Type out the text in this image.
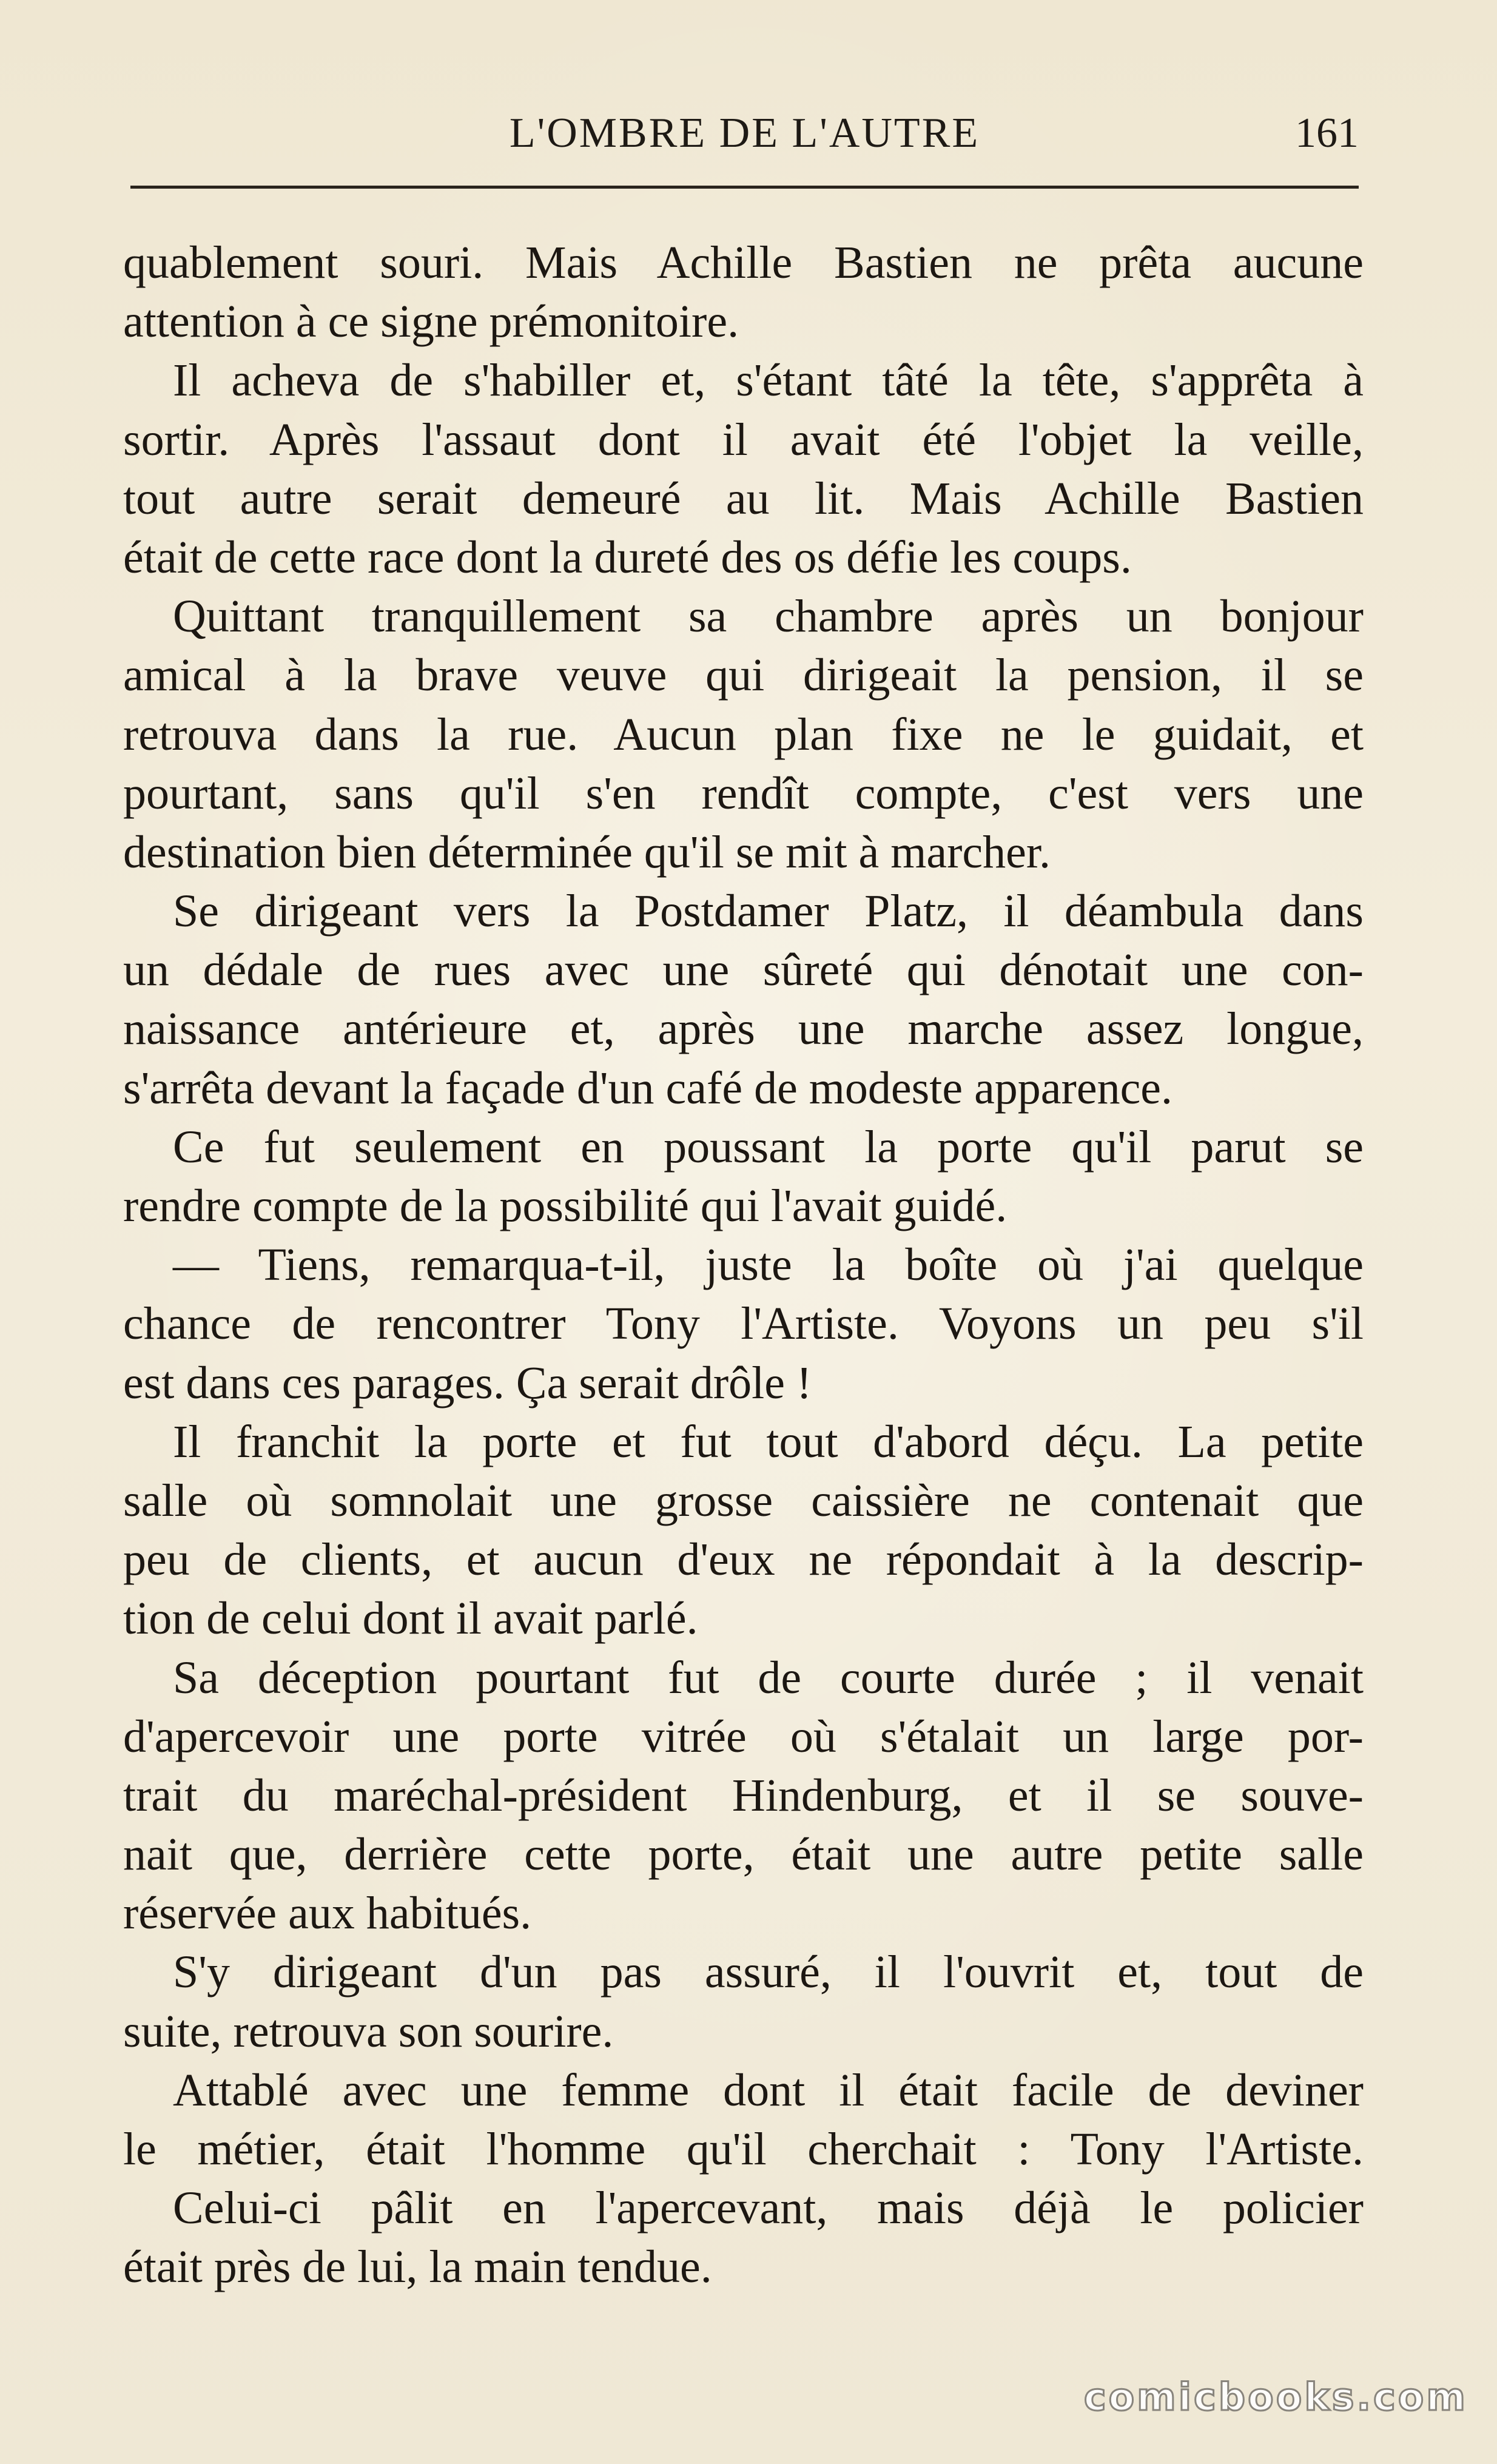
L'OMBRE DE L'AUTRE	161
quablement souri. Mais Achille Bastien ne prêta aucune
attention à ce signe prémonitoire.
Il acheva de s'habiller et, s'étant tâté la tête, s'apprêta à
sortir. Après l'assaut dont il avait été l'objet la veille,
tout autre serait demeuré au lit. Mais Achille Bastien
était de cette race dont la dureté des os défie les coups.
Quittant tranquillement sa chambre après un bonjour
amical à la brave veuve qui dirigeait la pension, il se
retrouva dans la rue. Aucun plan fixe ne le guidait, et
pourtant, sans qu'il s'en rendît compte, c'est vers une
destination bien déterminée qu'il se mit à marcher.
Se dirigeant vers la Postdamer Platz, il déambula dans
un dédale de rues avec une sûreté qui dénotait une con-
naissance antérieure et, après une marche assez longue,
s'arrêta devant la façade d'un café de modeste apparence.
Ce fut seulement en poussant la porte qu'il parut se
rendre compte de la possibilité qui l'avait guidé.
— Tiens, remarqua-t-il, juste la boîte où j'ai quelque
chance de rencontrer Tony l'Artiste. Voyons un peu s'il
est dans ces parages. Ça serait drôle !
Il franchit la porte et fut tout d'abord déçu. La petite
salle où somnolait une grosse caissière ne contenait que
peu de clients, et aucun d'eux ne répondait à la descrip-
tion de celui dont il avait parlé.
Sa déception pourtant fut de courte durée ; il venait
d'apercevoir une porte vitrée où s'étalait un large por-
trait du maréchal-président Hindenburg, et il se souve-
nait que, derrière cette porte, était une autre petite salle
réservée aux habitués.
S'y dirigeant d'un pas assuré, il l'ouvrit et, tout de
suite, retrouva son sourire.
Attablé avec une femme dont il était facile de deviner
le métier, était l'homme qu'il cherchait : Tony l'Artiste.
Celui-ci pâlit en l'apercevant, mais déjà le policier
était près de lui, la main tendue.
comicbooks.com
